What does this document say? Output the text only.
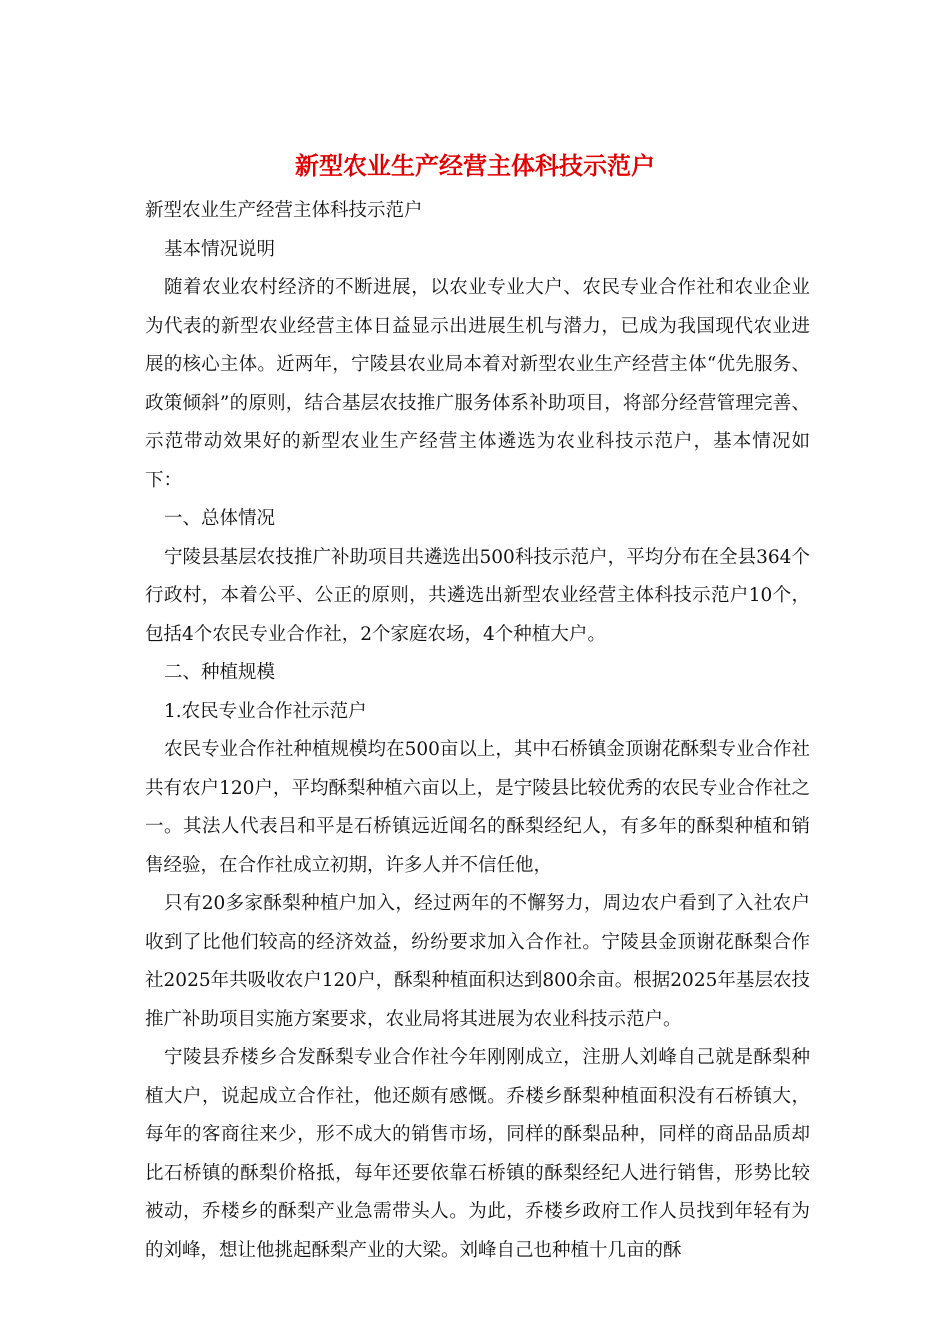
新型农业生产经营主体科技示范户

新型农业生产经营主体科技示范户

基本情况说明

随着农业农村经济的不断进展，以农业专业大户、农民专业合作社和农业企业为代表的新型农业经营主体日益显示出进展生机与潜力，已成为我国现代农业进展的核心主体。近两年，宁陵县农业局本着对新型农业生产经营主体“优先服务、政策倾斜”的原则，结合基层农技推广服务体系补助项目，将部分经营管理完善、示范带动效果好的新型农业生产经营主体遴选为农业科技示范户，基本情况如下：

一、总体情况

宁陵县基层农技推广补助项目共遴选出500科技示范户，平均分布在全县364个行政村，本着公平、公正的原则，共遴选出新型农业经营主体科技示范户10个，包括4个农民专业合作社，2个家庭农场，4个种植大户。

二、种植规模

1.农民专业合作社示范户

农民专业合作社种植规模均在500亩以上，其中石桥镇金顶谢花酥梨专业合作社共有农户120户，平均酥梨种植六亩以上，是宁陵县比较优秀的农民专业合作社之一。其法人代表吕和平是石桥镇远近闻名的酥梨经纪人，有多年的酥梨种植和销售经验，在合作社成立初期，许多人并不信任他，

只有20多家酥梨种植户加入，经过两年的不懈努力，周边农户看到了入社农户收到了比他们较高的经济效益，纷纷要求加入合作社。宁陵县金顶谢花酥梨合作社2025年共吸收农户120户，酥梨种植面积达到800余亩。根据2025年基层农技推广补助项目实施方案要求，农业局将其进展为农业科技示范户。

宁陵县乔楼乡合发酥梨专业合作社今年刚刚成立，注册人刘峰自己就是酥梨种植大户，说起成立合作社，他还颇有感慨。乔楼乡酥梨种植面积没有石桥镇大，每年的客商往来少，形不成大的销售市场，同样的酥梨品种，同样的商品品质却比石桥镇的酥梨价格抵，每年还要依靠石桥镇的酥梨经纪人进行销售，形势比较被动，乔楼乡的酥梨产业急需带头人。为此，乔楼乡政府工作人员找到年轻有为的刘峰，想让他挑起酥梨产业的大梁。刘峰自己也种植十几亩的酥
